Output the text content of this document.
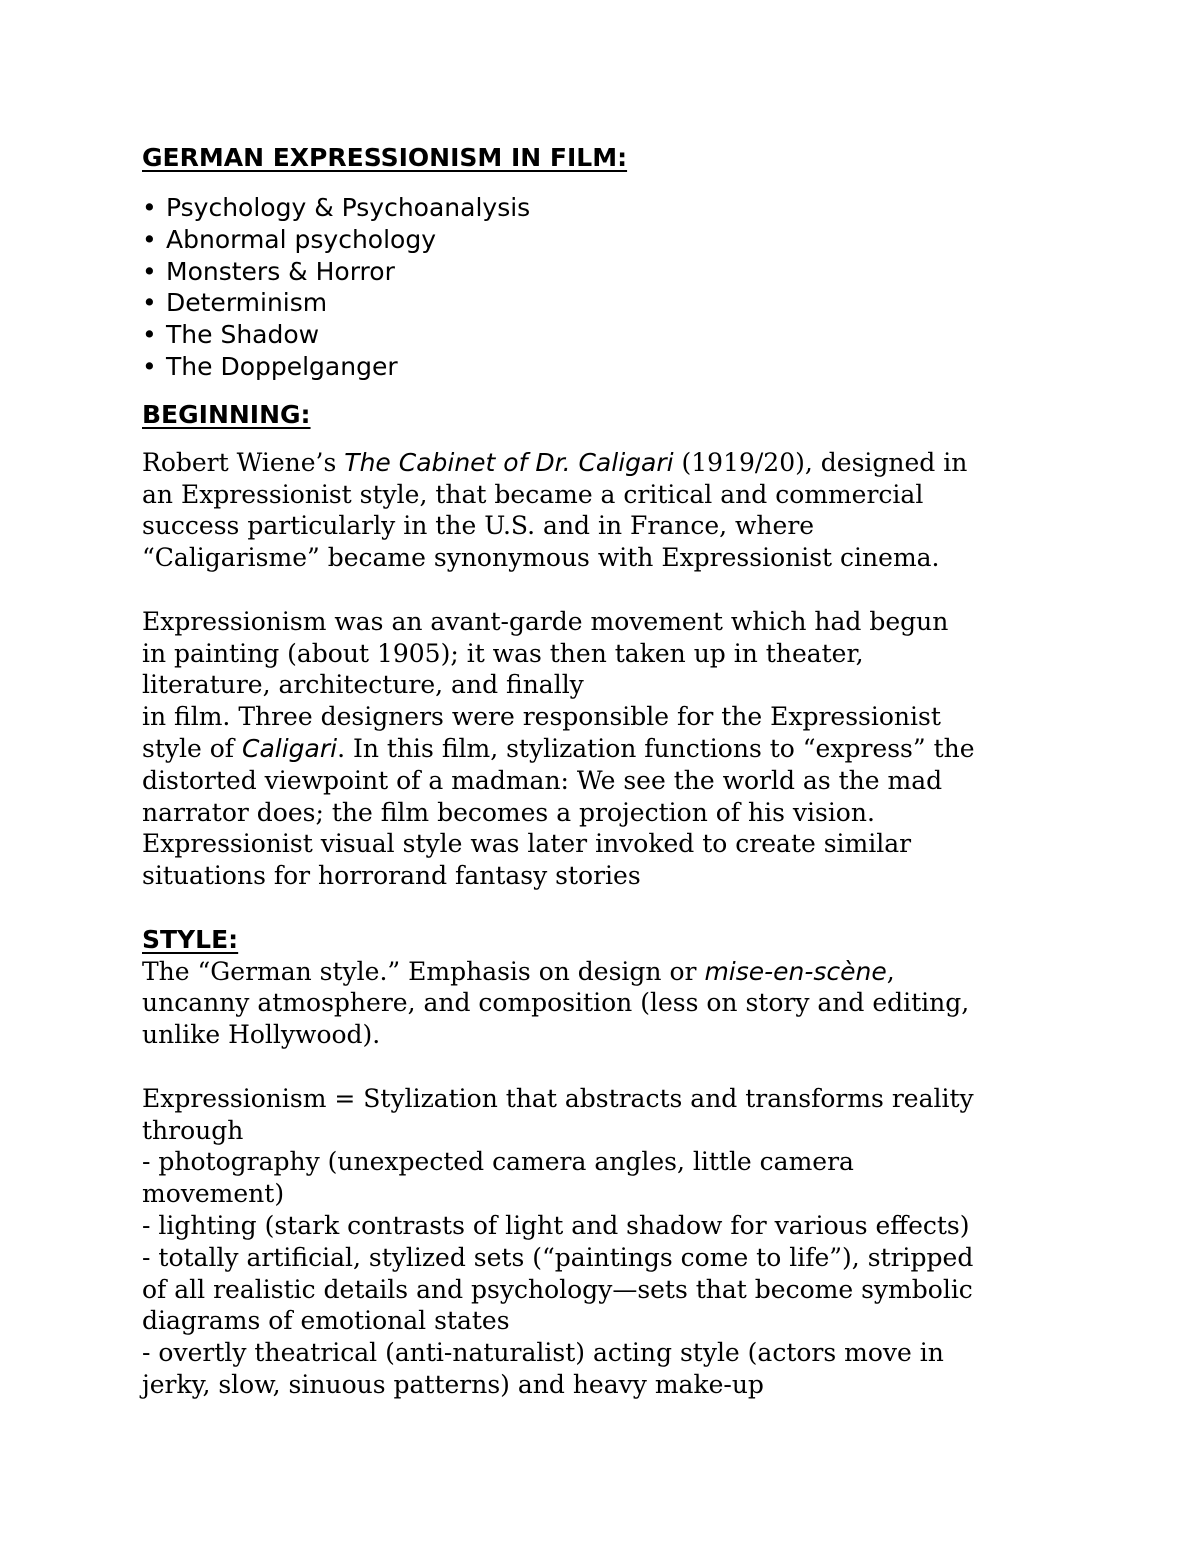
GERMAN EXPRESSIONISM IN FILM:
• Psychology & Psychoanalysis
• Abnormal psychology
• Monsters & Horror
• Determinism
• The Shadow
• The Doppelganger
BEGINNING:
Robert Wiene’s The Cabinet of Dr. Caligari (1919/20), designed in
an Expressionist style, that became a critical and commercial
success particularly in the U.S. and in France, where
“Caligarisme” became synonymous with Expressionist cinema.
Expressionism was an avant-garde movement which had begun
in painting (about 1905); it was then taken up in theater,
literature, architecture, and finally
in film. Three designers were responsible for the Expressionist
style of Caligari. In this film, stylization functions to “express” the
distorted viewpoint of a madman: We see the world as the mad
narrator does; the film becomes a projection of his vision.
Expressionist visual style was later invoked to create similar
situations for horrorand fantasy stories
STYLE:
The “German style.” Emphasis on design or mise-en-scène,
uncanny atmosphere, and composition (less on story and editing,
unlike Hollywood).
Expressionism = Stylization that abstracts and transforms reality
through
- photography (unexpected camera angles, little camera
movement)
- lighting (stark contrasts of light and shadow for various effects)
- totally artificial, stylized sets (“paintings come to life”), stripped
of all realistic details and psychology—sets that become symbolic
diagrams of emotional states
- overtly theatrical (anti-naturalist) acting style (actors move in
jerky, slow, sinuous patterns) and heavy make-up
